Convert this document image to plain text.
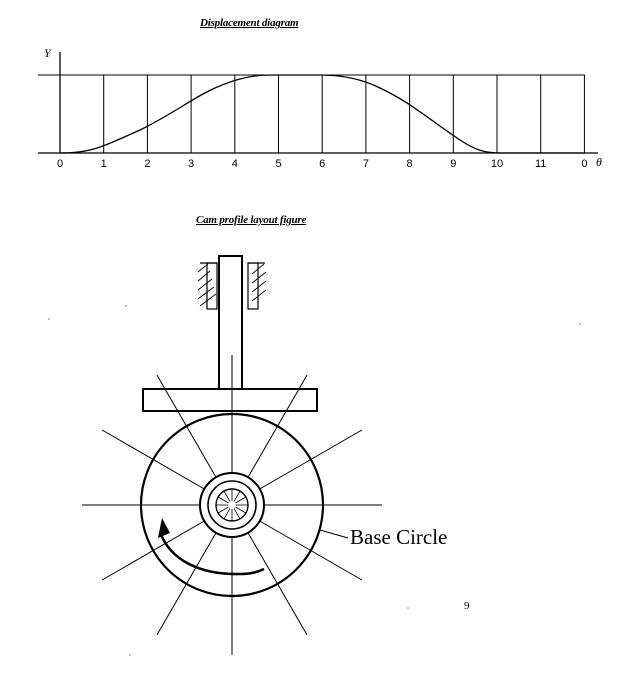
Displacement diagram
Cam profile layout figure
Y
0	1	2	3	4	5	6	7	8	9	10	11	0 θ
Base Circle
9
